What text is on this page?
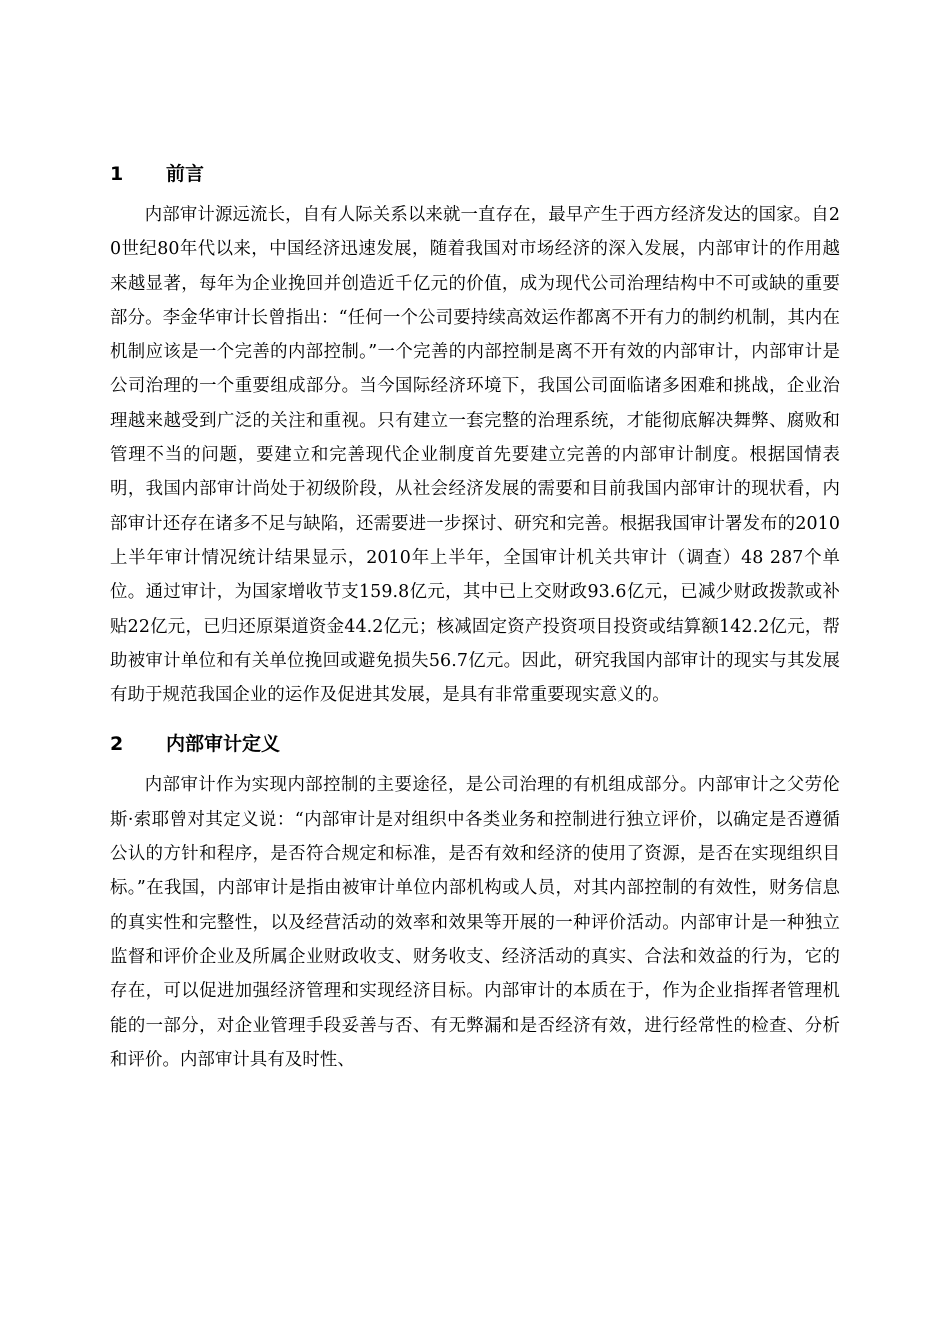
1	前言

内部审计源远流长，自有人际关系以来就一直存在，最早产生于西方经济发达的国家。自20世纪80年代以来，中国经济迅速发展，随着我国对市场经济的深入发展，内部审计的作用越来越显著，每年为企业挽回并创造近千亿元的价值，成为现代公司治理结构中不可或缺的重要部分。李金华审计长曾指出：“任何一个公司要持续高效运作都离不开有力的制约机制，其内在机制应该是一个完善的内部控制。”一个完善的内部控制是离不开有效的内部审计，内部审计是公司治理的一个重要组成部分。当今国际经济环境下，我国公司面临诸多困难和挑战，企业治理越来越受到广泛的关注和重视。只有建立一套完整的治理系统，才能彻底解决舞弊、腐败和管理不当的问题，要建立和完善现代企业制度首先要建立完善的内部审计制度。根据国情表明，我国内部审计尚处于初级阶段，从社会经济发展的需要和目前我国内部审计的现状看，内部审计还存在诸多不足与缺陷，还需要进一步探讨、研究和完善。根据我国审计署发布的2010上半年审计情况统计结果显示，2010年上半年，全国审计机关共审计（调查）48 287个单位。通过审计，为国家增收节支159.8亿元，其中已上交财政93.6亿元，已减少财政拨款或补贴22亿元，已归还原渠道资金44.2亿元；核减固定资产投资项目投资或结算额142.2亿元，帮助被审计单位和有关单位挽回或避免损失56.7亿元。因此，研究我国内部审计的现实与其发展有助于规范我国企业的运作及促进其发展，是具有非常重要现实意义的。

2	内部审计定义

内部审计作为实现内部控制的主要途径，是公司治理的有机组成部分。内部审计之父劳伦斯·索耶曾对其定义说：“内部审计是对组织中各类业务和控制进行独立评价，以确定是否遵循公认的方针和程序，是否符合规定和标准，是否有效和经济的使用了资源，是否在实现组织目标。”在我国，内部审计是指由被审计单位内部机构或人员，对其内部控制的有效性，财务信息的真实性和完整性，以及经营活动的效率和效果等开展的一种评价活动。内部审计是一种独立监督和评价企业及所属企业财政收支、财务收支、经济活动的真实、合法和效益的行为，它的存在，可以促进加强经济管理和实现经济目标。内部审计的本质在于，作为企业指挥者管理机能的一部分，对企业管理手段妥善与否、有无弊漏和是否经济有效，进行经常性的检查、分析和评价。内部审计具有及时性、
